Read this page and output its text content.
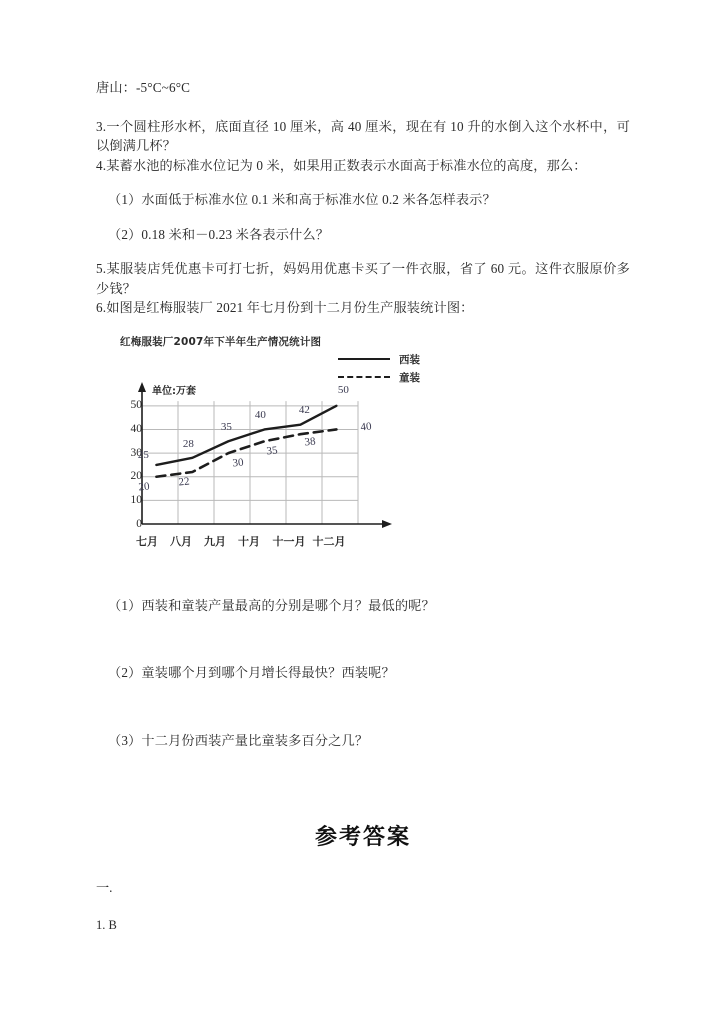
唐山：-5°C~6°C
3.一个圆柱形水杯，底面直径 10 厘米，高 40 厘米，现在有 10 升的水倒入这个水杯中，可以倒满几杯？
4.某蓄水池的标准水位记为 0 米，如果用正数表示水面高于标准水位的高度，那么：
（1）水面低于标准水位 0.1 米和高于标准水位 0.2 米各怎样表示？
（2）0.18 米和－0.23 米各表示什么？
5.某服装店凭优惠卡可打七折，妈妈用优惠卡买了一件衣服，省了 60 元。这件衣服原价多少钱？
6.如图是红梅服装厂 2021 年七月份到十二月份生产服装统计图：
红梅服装厂2007年下半年生产情况统计图
西装
童装
单位:万套
50
40
30
20
10
0
25
28
35
40	42
50
20	22
30
35
38
40
七月 八月 九月 十月 十一月 十二月
（1）西装和童装产量最高的分别是哪个月？最低的呢？
（2）童装哪个月到哪个月增长得最快？西装呢？
（3）十二月份西装产量比童装多百分之几？
参考答案
一.
1. B
